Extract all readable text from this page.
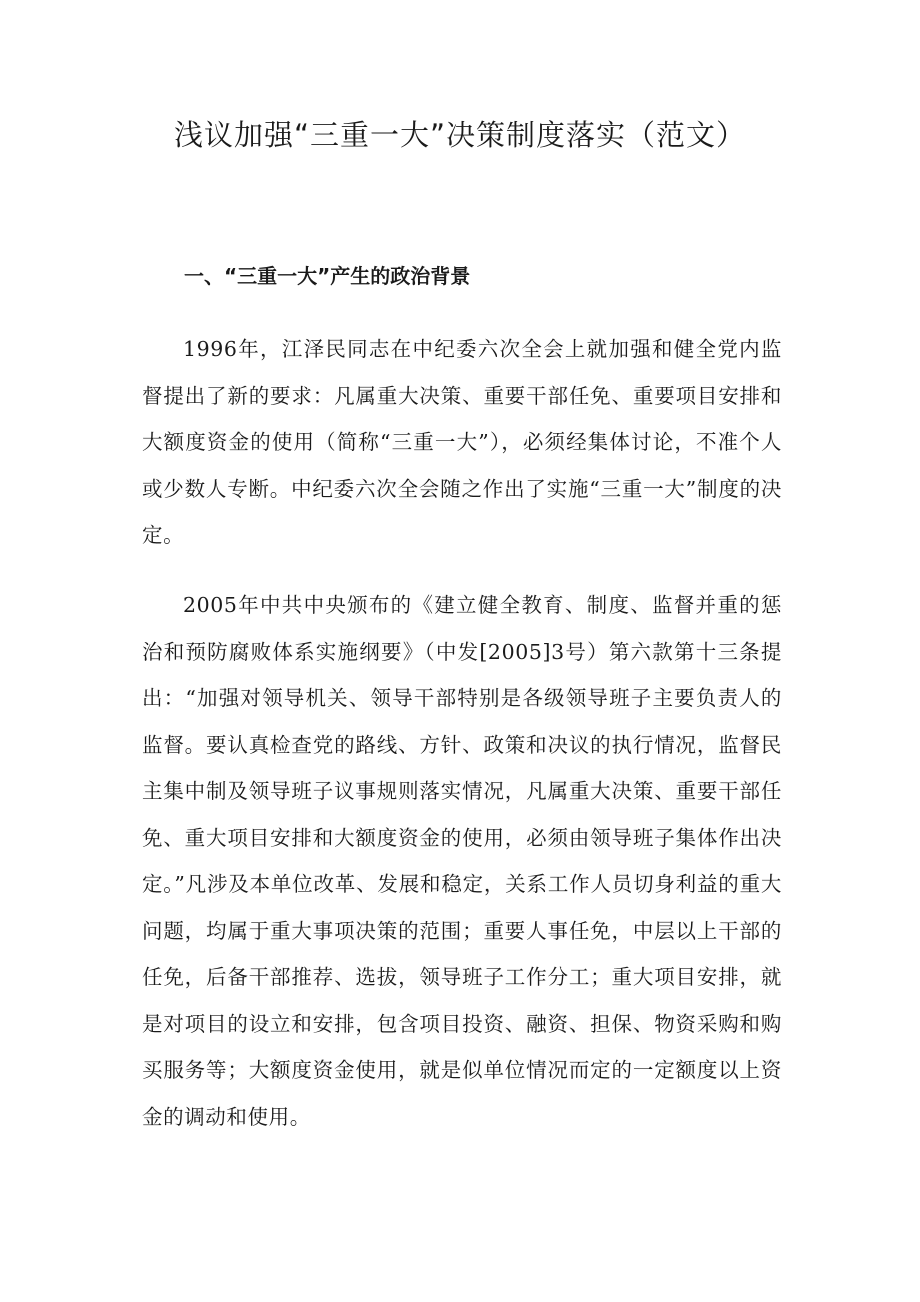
浅议加强“三重一大”决策制度落实（范文）
一、“三重一大”产生的政治背景

1996年，江泽民同志在中纪委六次全会上就加强和健全党内监督提出了新的要求：凡属重大决策、重要干部任免、重要项目安排和大额度资金的使用（简称“三重一大”），必须经集体讨论，不准个人或少数人专断。中纪委六次全会随之作出了实施“三重一大”制度的决定。

2005年中共中央颁布的《建立健全教育、制度、监督并重的惩治和预防腐败体系实施纲要》（中发[2005]3号）第六款第十三条提出：“加强对领导机关、领导干部特别是各级领导班子主要负责人的监督。要认真检查党的路线、方针、政策和决议的执行情况，监督民主集中制及领导班子议事规则落实情况，凡属重大决策、重要干部任免、重大项目安排和大额度资金的使用，必须由领导班子集体作出决定。”凡涉及本单位改革、发展和稳定，关系工作人员切身利益的重大问题，均属于重大事项决策的范围；重要人事任免，中层以上干部的任免，后备干部推荐、选拔，领导班子工作分工；重大项目安排，就是对项目的设立和安排，包含项目投资、融资、担保、物资采购和购买服务等；大额度资金使用，就是似单位情况而定的一定额度以上资金的调动和使用。
